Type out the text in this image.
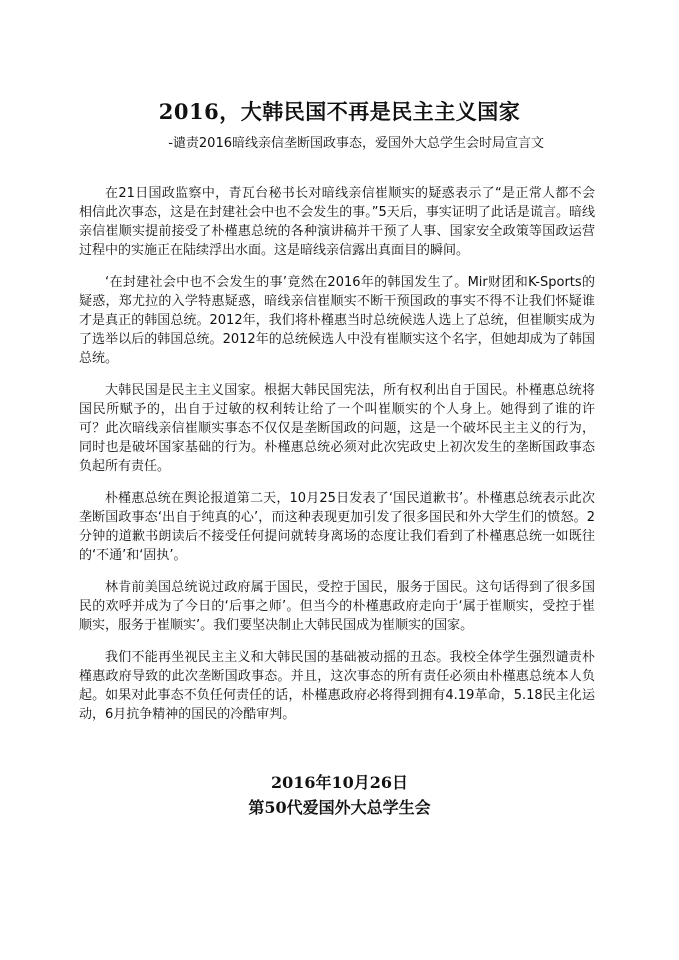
2016，大韩民国不再是民主主义国家
-谴责2016暗线亲信垄断国政事态，爱国外大总学生会时局宣言文

在21日国政监察中，青瓦台秘书长对暗线亲信崔顺实的疑惑表示了“是正常人都不会相信此次事态，这是在封建社会中也不会发生的事。”5天后，事实证明了此话是谎言。暗线亲信崔顺实提前接受了朴槿惠总统的各种演讲稿并干预了人事、国家安全政策等国政运营过程中的实施正在陆续浮出水面。这是暗线亲信露出真面目的瞬间。

‘在封建社会中也不会发生的事’竟然在2016年的韩国发生了。Mir财团和K-Sports的疑惑，郑尤拉的入学特惠疑惑，暗线亲信崔顺实不断干预国政的事实不得不让我们怀疑谁才是真正的韩国总统。2012年，我们将朴槿惠当时总统候选人选上了总统，但崔顺实成为了选举以后的韩国总统。2012年的总统候选人中没有崔顺实这个名字，但她却成为了韩国总统。

大韩民国是民主主义国家。根据大韩民国宪法，所有权利出自于国民。朴槿惠总统将国民所赋予的，出自于过敏的权利转让给了一个叫崔顺实的个人身上。她得到了谁的许可？此次暗线亲信崔顺实事态不仅仅是垄断国政的问题，这是一个破坏民主主义的行为，同时也是破坏国家基础的行为。朴槿惠总统必须对此次宪政史上初次发生的垄断国政事态负起所有责任。

朴槿惠总统在舆论报道第二天，10月25日发表了‘国民道歉书’。朴槿惠总统表示此次垄断国政事态‘出自于纯真的心’，而这种表现更加引发了很多国民和外大学生们的愤怒。2分钟的道歉书朗读后不接受任何提问就转身离场的态度让我们看到了朴槿惠总统一如既往的‘不通’和‘固执’。

林肯前美国总统说过政府属于国民，受控于国民，服务于国民。这句话得到了很多国民的欢呼并成为了今日的‘后事之师’。但当今的朴槿惠政府走向于‘属于崔顺实，受控于崔顺实，服务于崔顺实’。我们要坚决制止大韩民国成为崔顺实的国家。

我们不能再坐视民主主义和大韩民国的基础被动摇的丑态。我校全体学生强烈谴责朴槿惠政府导致的此次垄断国政事态。并且，这次事态的所有责任必须由朴槿惠总统本人负起。如果对此事态不负任何责任的话，朴槿惠政府必将得到拥有4.19革命，5.18民主化运动，6月抗争精神的国民的冷酷审判。

2016年10月26日
第50代爱国外大总学生会
